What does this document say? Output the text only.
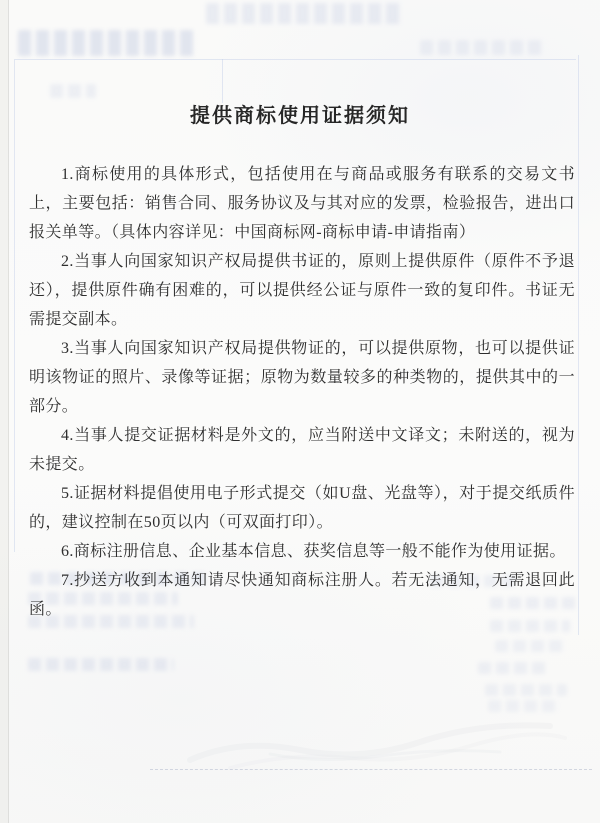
提供商标使用证据须知

1.商标使用的具体形式，包括使用在与商品或服务有联系的交易文书上，主要包括：销售合同、服务协议及与其对应的发票，检验报告，进出口报关单等。（具体内容详见：中国商标网-商标申请-申请指南）

2.当事人向国家知识产权局提供书证的，原则上提供原件（原件不予退还），提供原件确有困难的，可以提供经公证与原件一致的复印件。书证无需提交副本。

3.当事人向国家知识产权局提供物证的，可以提供原物，也可以提供证明该物证的照片、录像等证据；原物为数量较多的种类物的，提供其中的一部分。

4.当事人提交证据材料是外文的，应当附送中文译文；未附送的，视为未提交。

5.证据材料提倡使用电子形式提交（如U盘、光盘等），对于提交纸质件的，建议控制在50页以内（可双面打印）。

6.商标注册信息、企业基本信息、获奖信息等一般不能作为使用证据。

7.抄送方收到本通知请尽快通知商标注册人。若无法通知，无需退回此函。
